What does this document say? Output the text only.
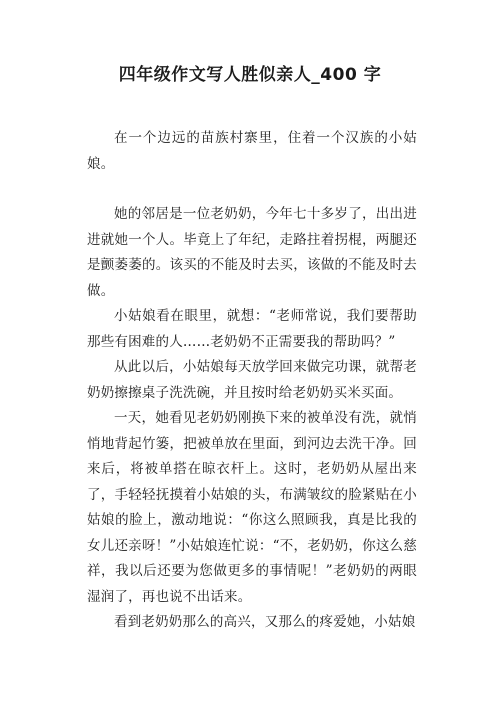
四年级作文写人胜似亲人_400 字

在一个边远的苗族村寨里，住着一个汉族的小姑娘。

她的邻居是一位老奶奶，今年七十多岁了，出出进进就她一个人。毕竟上了年纪，走路拄着拐棍，两腿还是颤萎萎的。该买的不能及时去买，该做的不能及时去做。

小姑娘看在眼里，就想：“老师常说，我们要帮助那些有困难的人……老奶奶不正需要我的帮助吗？”

从此以后，小姑娘每天放学回来做完功课，就帮老奶奶擦擦桌子洗洗碗，并且按时给老奶奶买米买面。

一天，她看见老奶奶刚换下来的被单没有洗，就悄悄地背起竹篓，把被单放在里面，到河边去洗干净。回来后，将被单搭在晾衣杆上。这时，老奶奶从屋出来了，手轻轻抚摸着小姑娘的头，布满皱纹的脸紧贴在小姑娘的脸上，激动地说：“你这么照顾我，真是比我的女儿还亲呀！”小姑娘连忙说：“不，老奶奶，你这么慈祥，我以后还要为您做更多的事情呢！”老奶奶的两眼湿润了，再也说不出话来。

看到老奶奶那么的高兴，又那么的疼爱她，小姑娘
